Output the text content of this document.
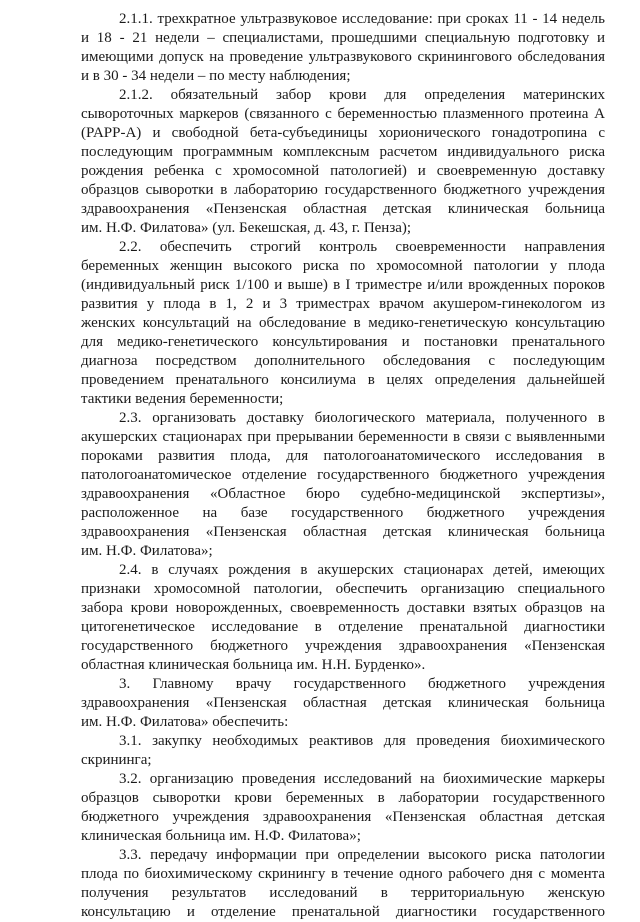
2.1.1. трехкратное ультразвуковое исследование: при сроках 11 - 14 недель
и 18 - 21 недели – специалистами, прошедшими специальную подготовку и
имеющими допуск на проведение ультразвукового скринингового обследования
и в 30 - 34 недели – по месту наблюдения;
2.1.2. обязательный забор крови для определения материнских
сывороточных маркеров (связанного с беременностью плазменного протеина А
(PAPP-A) и свободной бета-субъединицы хорионического гонадотропина с
последующим программным комплексным расчетом индивидуального риска
рождения ребенка с хромосомной патологией) и своевременную доставку
образцов сыворотки в лабораторию государственного бюджетного учреждения
здравоохранения «Пензенская областная детская клиническая больница
им. Н.Ф. Филатова» (ул. Бекешская, д. 43, г. Пенза);
2.2. обеспечить строгий контроль своевременности направления
беременных женщин высокого риска по хромосомной патологии у плода
(индивидуальный риск 1/100 и выше) в I триместре и/или врожденных пороков
развития у плода в 1, 2 и 3 триместрах врачом акушером-гинекологом из
женских консультаций на обследование в медико-генетическую консультацию
для медико-генетического консультирования и постановки пренатального
диагноза посредством дополнительного обследования с последующим
проведением пренатального консилиума в целях определения дальнейшей
тактики ведения беременности;
2.3. организовать доставку биологического материала, полученного в
акушерских стационарах при прерывании беременности в связи с выявленными
пороками развития плода, для патологоанатомического исследования в
патологоанатомическое отделение государственного бюджетного учреждения
здравоохранения «Областное бюро судебно-медицинской экспертизы»,
расположенное на базе государственного бюджетного учреждения
здравоохранения «Пензенская областная детская клиническая больница
им. Н.Ф. Филатова»;
2.4. в случаях рождения в акушерских стационарах детей, имеющих
признаки хромосомной патологии, обеспечить организацию специального
забора крови новорожденных, своевременность доставки взятых образцов на
цитогенетическое исследование в отделение пренатальной диагностики
государственного бюджетного учреждения здравоохранения «Пензенская
областная клиническая больница им. Н.Н. Бурденко».
3. Главному врачу государственного бюджетного учреждения
здравоохранения «Пензенская областная детская клиническая больница
им. Н.Ф. Филатова» обеспечить:
3.1. закупку необходимых реактивов для проведения биохимического
скрининга;
3.2. организацию проведения исследований на биохимические маркеры
образцов сыворотки крови беременных в лаборатории государственного
бюджетного учреждения здравоохранения «Пензенская областная детская
клиническая больница им. Н.Ф. Филатова»;
3.3. передачу информации при определении высокого риска патологии
плода по биохимическому скринингу в течение одного рабочего дня с момента
получения результатов исследований в территориальную женскую
консультацию и отделение пренатальной диагностики государственного
